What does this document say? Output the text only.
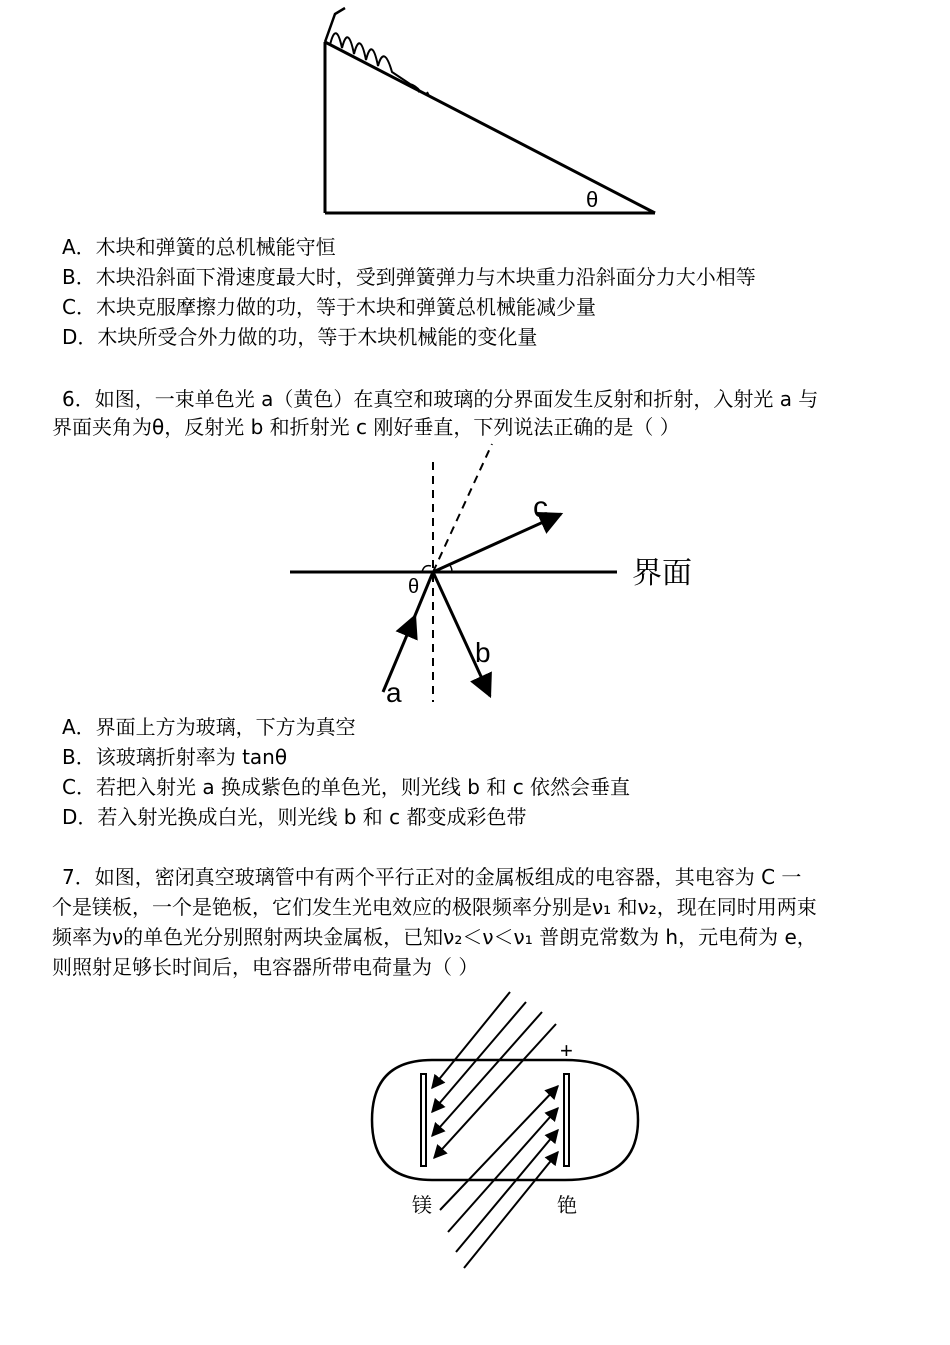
θ
A．木块和弹簧的总机械能守恒
B．木块沿斜面下滑速度最大时，受到弹簧弹力与木块重力沿斜面分力大小相等
C．木块克服摩擦力做的功，等于木块和弹簧总机械能减少量
D．木块所受合外力做的功，等于木块机械能的变化量
6．如图，一束单色光 a（黄色）在真空和玻璃的分界面发生反射和折射，入射光 a 与
界面夹角为θ，反射光 b 和折射光 c 刚好垂直，下列说法正确的是（ ）
界面
a
b
c
θ
A．界面上方为玻璃，下方为真空
B．该玻璃折射率为 tanθ
C．若把入射光 a 换成紫色的单色光，则光线 b 和 c 依然会垂直
D．若入射光换成白光，则光线 b 和 c 都变成彩色带
7．如图，密闭真空玻璃管中有两个平行正对的金属板组成的电容器，其电容为 C 一
个是镁板，一个是铯板，它们发生光电效应的极限频率分别是ν₁ 和ν₂，现在同时用两束
频率为ν的单色光分别照射两块金属板，已知ν₂＜ν＜ν₁ 普朗克常数为 h，元电荷为 e，
则照射足够长时间后，电容器所带电荷量为（ ）
+
镁	铯
